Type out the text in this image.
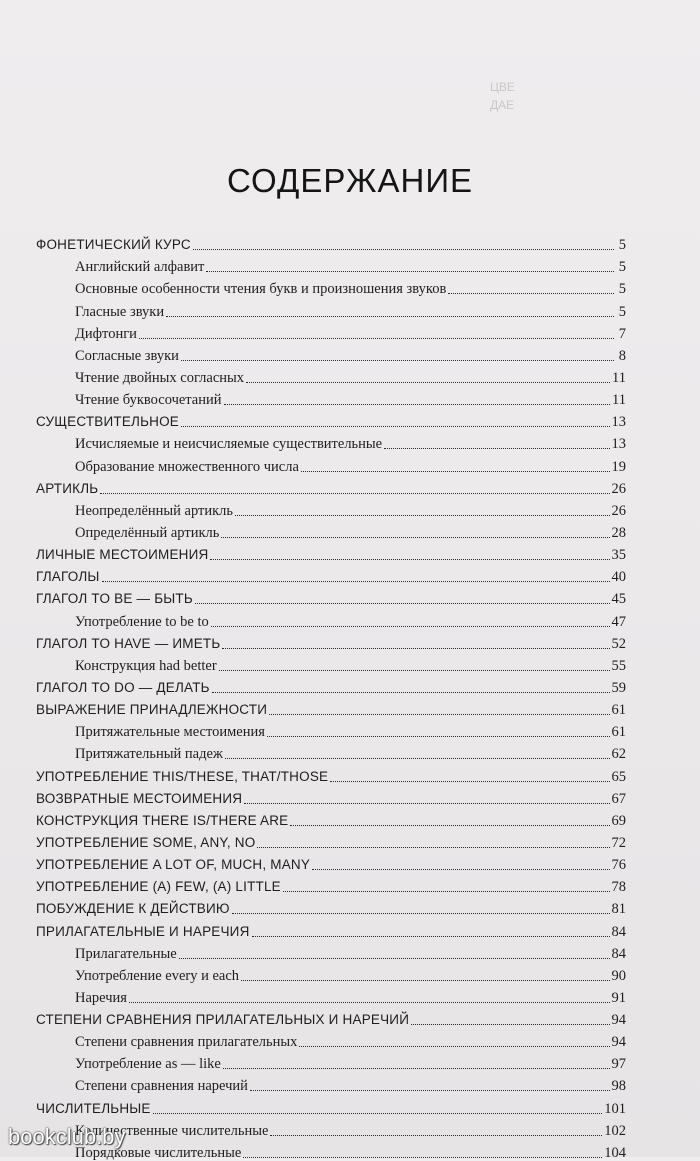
ЦВЕ
ДАЕ
СОДЕРЖАНИЕ
ФОНЕТИЧЕСКИЙ КУРС	5
Английский алфавит	5
Основные особенности чтения букв и произношения звуков	5
Гласные звуки	5
Дифтонги	7
Согласные звуки	8
Чтение двойных согласных	11
Чтение буквосочетаний	11
СУЩЕСТВИТЕЛЬНОЕ	13
Исчисляемые и неисчисляемые существительные	13
Образование множественного числа	19
АРТИКЛЬ	26
Неопределённый артикль	26
Определённый артикль	28
ЛИЧНЫЕ МЕСТОИМЕНИЯ	35
ГЛАГОЛЫ	40
ГЛАГОЛ TO BE — БЫТЬ	45
Употребление to be to	47
ГЛАГОЛ TO HAVE — ИМЕТЬ	52
Конструкция had better	55
ГЛАГОЛ TO DO — ДЕЛАТЬ	59
ВЫРАЖЕНИЕ ПРИНАДЛЕЖНОСТИ	61
Притяжательные местоимения	61
Притяжательный падеж	62
УПОТРЕБЛЕНИЕ THIS/THESE, THAT/THOSE	65
ВОЗВРАТНЫЕ МЕСТОИМЕНИЯ	67
КОНСТРУКЦИЯ THERE IS/THERE ARE	69
УПОТРЕБЛЕНИЕ SOME, ANY, NO	72
УПОТРЕБЛЕНИЕ A LOT OF, MUCH, MANY	76
УПОТРЕБЛЕНИЕ (A) FEW, (A) LITTLE	78
ПОБУЖДЕНИЕ К ДЕЙСТВИЮ	81
ПРИЛАГАТЕЛЬНЫЕ И НАРЕЧИЯ	84
Прилагательные	84
Употребление every и each	90
Наречия	91
СТЕПЕНИ СРАВНЕНИЯ ПРИЛАГАТЕЛЬНЫХ И НАРЕЧИЙ	94
Степени сравнения прилагательных	94
Употребление as — like	97
Степени сравнения наречий	98
ЧИСЛИТЕЛЬНЫЕ	101
Количественные числительные	102
Порядковые числительные	104
bookclub.by
